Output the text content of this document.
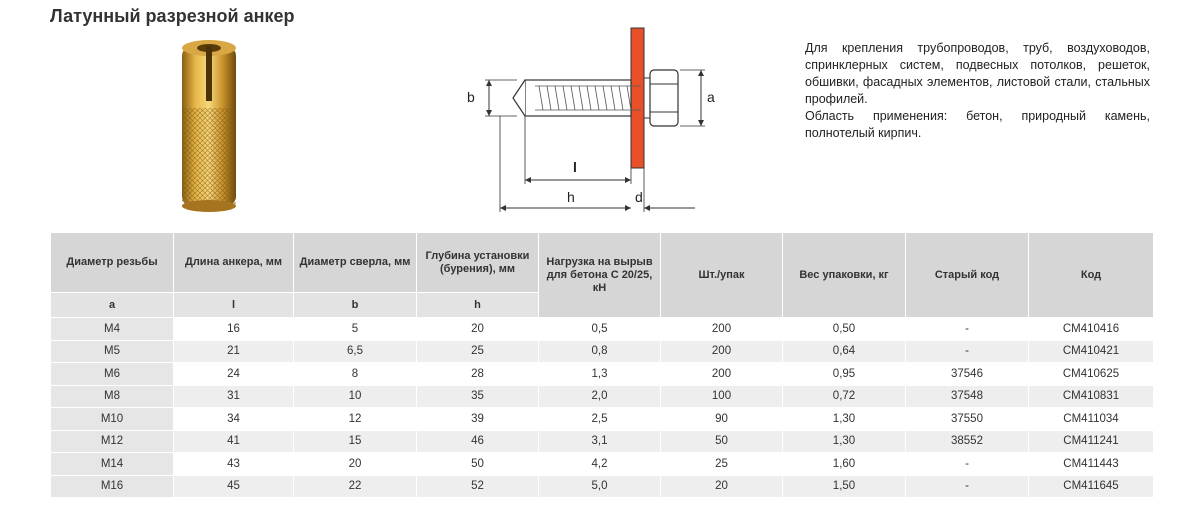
Латунный разрезной анкер
b	a
l
h	d

Для крепления трубопроводов, труб, воздуховодов, спринклерных систем, подвесных потолков, решеток, обшивки, фасадных элементов, листовой стали, стальных профилей.

Область применения: бетон, природный камень, полнотелый кирпич.

Диаметр резьбы	Длина анкера, мм	Диаметр сверла, мм	Глубина установки (бурения), мм	Нагрузка на вырыв для бетона С 20/25, кН	Шт./упак	Вес упаковки, кг	Старый код	Код
a	l	b	h					
M4	16	5	20	0,5	200	0,50	-	CM410416
M5	21	6,5	25	0,8	200	0,64	-	CM410421
M6	24	8	28	1,3	200	0,95	37546	CM410625
M8	31	10	35	2,0	100	0,72	37548	CM410831
M10	34	12	39	2,5	90	1,30	37550	CM411034
M12	41	15	46	3,1	50	1,30	38552	CM411241
M14	43	20	50	4,2	25	1,60	-	CM411443
M16	45	22	52	5,0	20	1,50	-	CM411645
